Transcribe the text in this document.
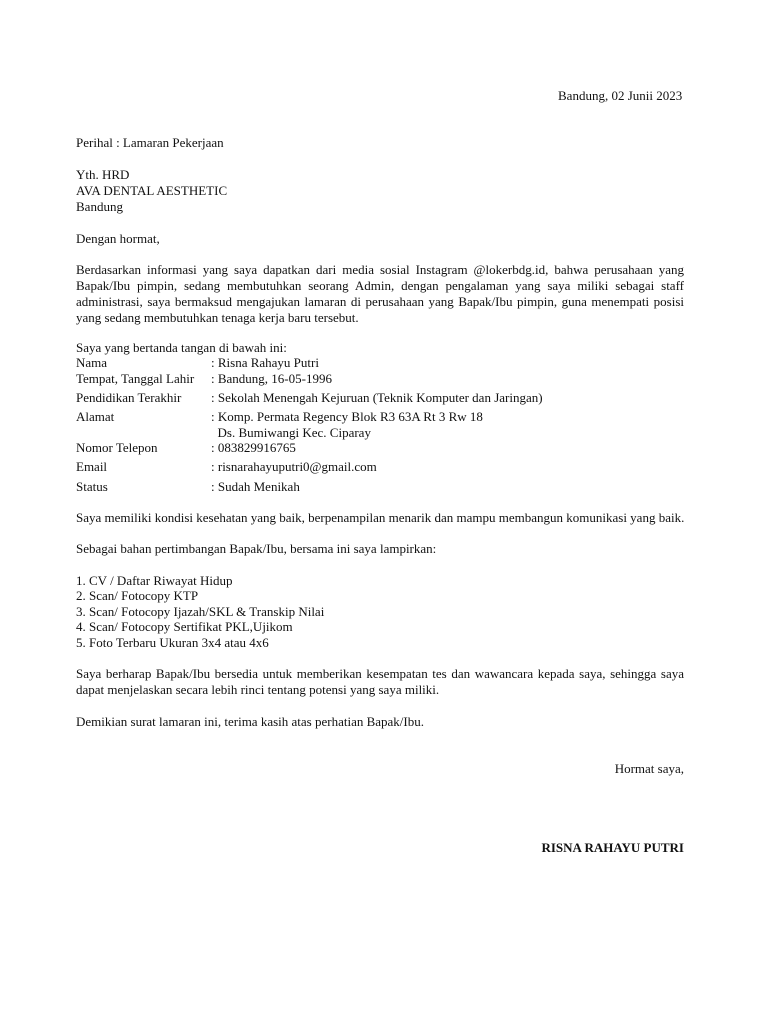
Bandung, 02 Junii 2023
Perihal : Lamaran Pekerjaan
Yth. HRD
AVA DENTAL AESTHETIC
Bandung
Dengan hormat,
Berdasarkan informasi yang saya dapatkan dari media sosial Instagram @lokerbdg.id, bahwa perusahaan yang Bapak/Ibu pimpin, sedang membutuhkan seorang Admin, dengan pengalaman yang saya miliki sebagai staff administrasi, saya bermaksud mengajukan lamaran di perusahaan yang Bapak/Ibu pimpin, guna menempati posisi yang sedang membutuhkan tenaga kerja baru tersebut.
Saya yang bertanda tangan di bawah ini:
Nama	: Risna Rahayu Putri
Tempat, Tanggal Lahir : Bandung, 16-05-1996
Pendidikan Terakhir : Sekolah Menengah Kejuruan (Teknik Komputer dan Jaringan)
Alamat	: Komp. Permata Regency Blok R3 63A Rt 3 Rw 18
Ds. Bumiwangi Kec. Ciparay
Nomor Telepon	: 083829916765
Email	: risnarahayuputri0@gmail.com
Status	: Sudah Menikah
Saya memiliki kondisi kesehatan yang baik, berpenampilan menarik dan mampu membangun komunikasi yang baik.
Sebagai bahan pertimbangan Bapak/Ibu, bersama ini saya lampirkan:
1. CV / Daftar Riwayat Hidup
2. Scan/ Fotocopy KTP
3. Scan/ Fotocopy Ijazah/SKL & Transkip Nilai
4. Scan/ Fotocopy Sertifikat PKL,Ujikom
5. Foto Terbaru Ukuran 3x4 atau 4x6
Saya berharap Bapak/Ibu bersedia untuk memberikan kesempatan tes dan wawancara kepada saya, sehingga saya dapat menjelaskan secara lebih rinci tentang potensi yang saya miliki.
Demikian surat lamaran ini, terima kasih atas perhatian Bapak/Ibu.
Hormat saya,
RISNA RAHAYU PUTRI
